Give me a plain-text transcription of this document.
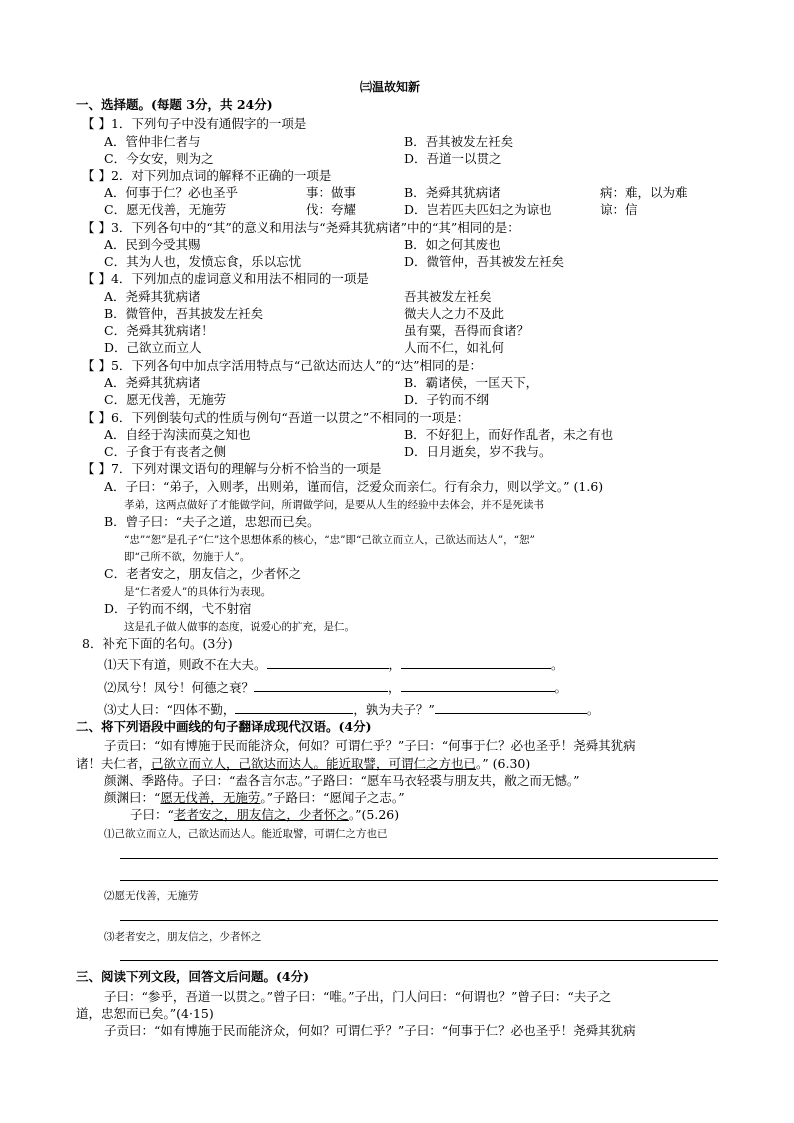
㈢温故知新
一、选择题。(每题 3分，共 24分)
【 】1．下列句子中没有通假字的一项是
A．管仲非仁者与	B．吾其被发左衽矣
C．今女安，则为之	D．吾道一以贯之
【 】2．对下列加点词的解释不正确的一项是
A．何事于仁？必也圣乎	事：做事	B．尧舜其犹病诸	病：难，以为难
C．愿无伐善，无施劳	伐：夸耀	D．岂若匹夫匹妇之为谅也	谅：信
【 】3．下列各句中的“其”的意义和用法与“尧舜其犹病诸”中的“其”相同的是：
A．民到今受其赐	B．如之何其废也
C．其为人也，发愤忘食，乐以忘忧	D．微管仲，吾其被发左衽矣
【 】4．下列加点的虚词意义和用法不相同的一项是
A．尧舜其犹病诸	吾其被发左衽矣
B．微管仲，吾其披发左衽矣	微夫人之力不及此
C．尧舜其犹病诸！	虽有粟，吾得而食诸？
D．己欲立而立人	人而不仁，如礼何
【 】5．下列各句中加点字活用特点与“己欲达而达人”的“达”相同的是：
A．尧舜其犹病诸	B．霸诸侯，一匡天下，
C．愿无伐善，无施劳	D．子钓而不纲
【 】6．下列倒装句式的性质与例句“吾道一以贯之”不相同的一项是：
A．自经于沟渎而莫之知也	B．不好犯上，而好作乱者，未之有也
C．子食于有丧者之侧	D．日月逝矣，岁不我与。
【 】7．下列对课文语句的理解与分析不恰当的一项是
A．子曰：“弟子，入则孝，出则弟，谨而信，泛爱众而亲仁。行有余力，则以学文。” (1.6)
孝弟，这两点做好了才能做学问，所谓做学问，是要从人生的经验中去体会，并不是死读书
B．曾子曰：“夫子之道，忠恕而已矣。
“忠”“恕”是孔子“仁”这个思想体系的核心，“忠”即“己欲立而立人，己欲达而达人”，“恕”
即“己所不欲，勿施于人”。
C．老者安之，朋友信之，少者怀之
是“仁者爱人”的具体行为表现。
D．子钓而不纲，弋不射宿
这是孔子做人做事的态度，说爱心的扩充，是仁。
8．补充下面的名句。(3分)
⑴天下有道，则政不在大夫。	，	。
⑵凤兮！凤兮！何德之衰？	，	。
⑶丈人曰：“四体不勤，	，孰为夫子？”	。
二、将下列语段中画线的句子翻译成现代汉语。(4分)
子贡曰：“如有博施于民而能济众，何如？可谓仁乎？”子曰：“何事于仁？必也圣乎！尧舜其犹病
诸！夫仁者，己欲立而立人，己欲达而达人。能近取譬，可谓仁之方也已。” (6.30)
颜渊、季路侍。子曰：“盍各言尔志。”子路曰：“愿车马衣轻裘与朋友共，敝之而无憾。”
颜渊曰：“愿无伐善，无施劳。”子路曰：“愿闻子之志。”
子曰：“老者安之，朋友信之，少者怀之。”(5.26)
⑴己欲立而立人，己欲达而达人。能近取譬，可谓仁之方也已
⑵愿无伐善，无施劳
⑶老者安之，朋友信之，少者怀之
三、阅读下列文段，回答文后问题。(4分)
子曰：“参乎，吾道一以贯之。”曾子曰：“唯。”子出，门人问曰：“何谓也？”曾子曰：“夫子之
道，忠恕而已矣。”(4·15)
子贡曰：“如有博施于民而能济众，何如？可谓仁乎？”子曰：“何事于仁？必也圣乎！尧舜其犹病
